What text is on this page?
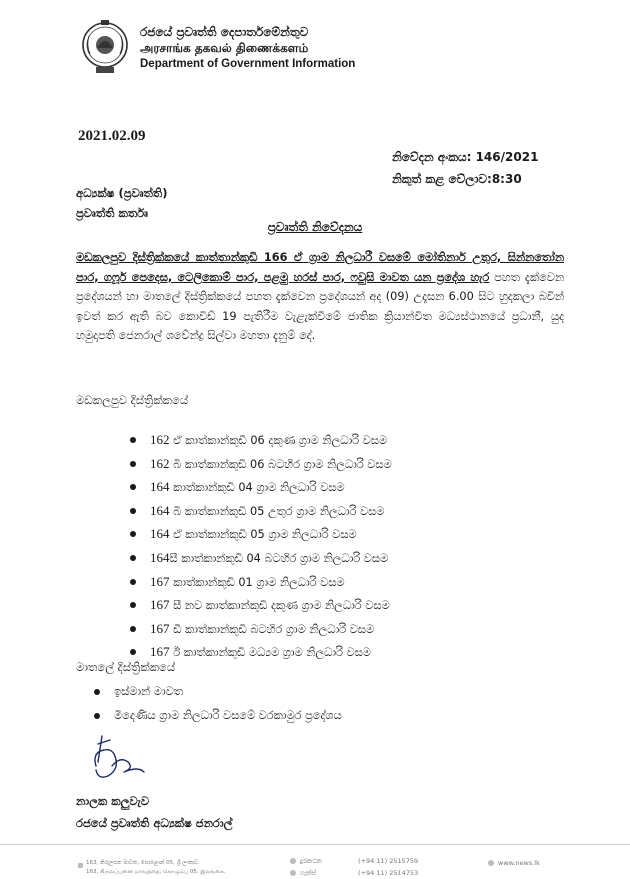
රජයේ ප්‍රවෘත්ති දෙපාර්තමේන්තුව
அரசாங்க தகவல் திணைக்களம்
Department of Government Information
2021.02.09
නිවේදන අංකය: 146/2021
නිකුත් කළ වේලාව:8:30
අධ්‍යක්ෂ (ප්‍රවෘත්ති)
ප්‍රවෘත්ති කර්තෘ
ප්‍රවෘත්ති නිවේදනය
මඩකලපුව දිස්ත්‍රික්කයේ කාත්තාන්කුඩි 166 ඒ ග්‍රාම නිලධාරී වසමේ මෝතිනාර් උතුර, සින්නතෝන පාර, ගෆූර් පෙදෙස, ටෙලිකොම් පාර, පළමු හරස් පාර, ෆවුසි මාවත යන ප්‍රදේශ හැර පහත දැක්වෙන ප්‍රදේශයන් හා මාතලේ දිස්ත්‍රික්කයේ පහත දැක්වෙන ප්‍රදේශයන් අද (09) උදෑසන 6.00 සිට හුදකලා බවින් ඉවත් කර ඇති බව කොවිඩ් 19 පැතිරීම වැළැක්වීමේ ජාතික ක්‍රියාන්විත මධ්‍යස්ථානයේ ප්‍රධානී, යුද හමුදාපති ජෙනරාල් ශවේන්ද්‍ර සිල්වා මහතා දැනුම් දේ.
මඩකලපුව දිස්ත්‍රික්කයේ
162 ඒ කාත්කාන්කුඩි 06 දකුණ ග්‍රාම නිලධාරි වසම
162 බි කාත්කාන්කුඩි 06 බටහිර ග්‍රාම නිලධාරි වසම
164 කාත්කාන්කුඩි 04 ග්‍රාම නිලධාරි වසම
164 බි කාත්කාන්කුඩි 05 උතුර ග්‍රාම නිලධාරි වසම
164 ඒ කාත්කාන්කුඩි 05 ග්‍රාම නිලධාරි වසම
164සී කාත්කාන්කුඩි 04 බටහිර ග්‍රාම නිලධාරි වසම
167 කාත්කාන්කුඩි 01 ග්‍රාම නිලධාරි වසම
167 සී නව කාත්කාන්කුඩි දකුණ ග්‍රාම නිලධාරි වසම
167 ඩී කාත්කාන්කුඩි බටහිර ග්‍රාම නිලධාරි වසම
167 ඊ කාත්කාන්කුඩි මධ්‍යම ග්‍රාම නිලධාරි වසම
මාතලේ දිස්ත්‍රික්කයේ
ඉස්මාන් මාවත
මීදෙණිය ග්‍රාම නිලධාරි වසමේ වරකාමුර ප්‍රදේශය
නාලක කලුවැව
රජයේ ප්‍රවෘත්ති අධ්‍යක්ෂ ජනරාල්
163, කිරුලපන මාවත, පොළොන් 05, ශ්‍රී ලංකාව.
163, கிருலப்பனை மாவத்தை, கொழும்பு 05, இலங்கை.
දුරකථන	(+94 11) 2515759
ෆැක්ස්	(+94 11) 2514753
www.news.lk
